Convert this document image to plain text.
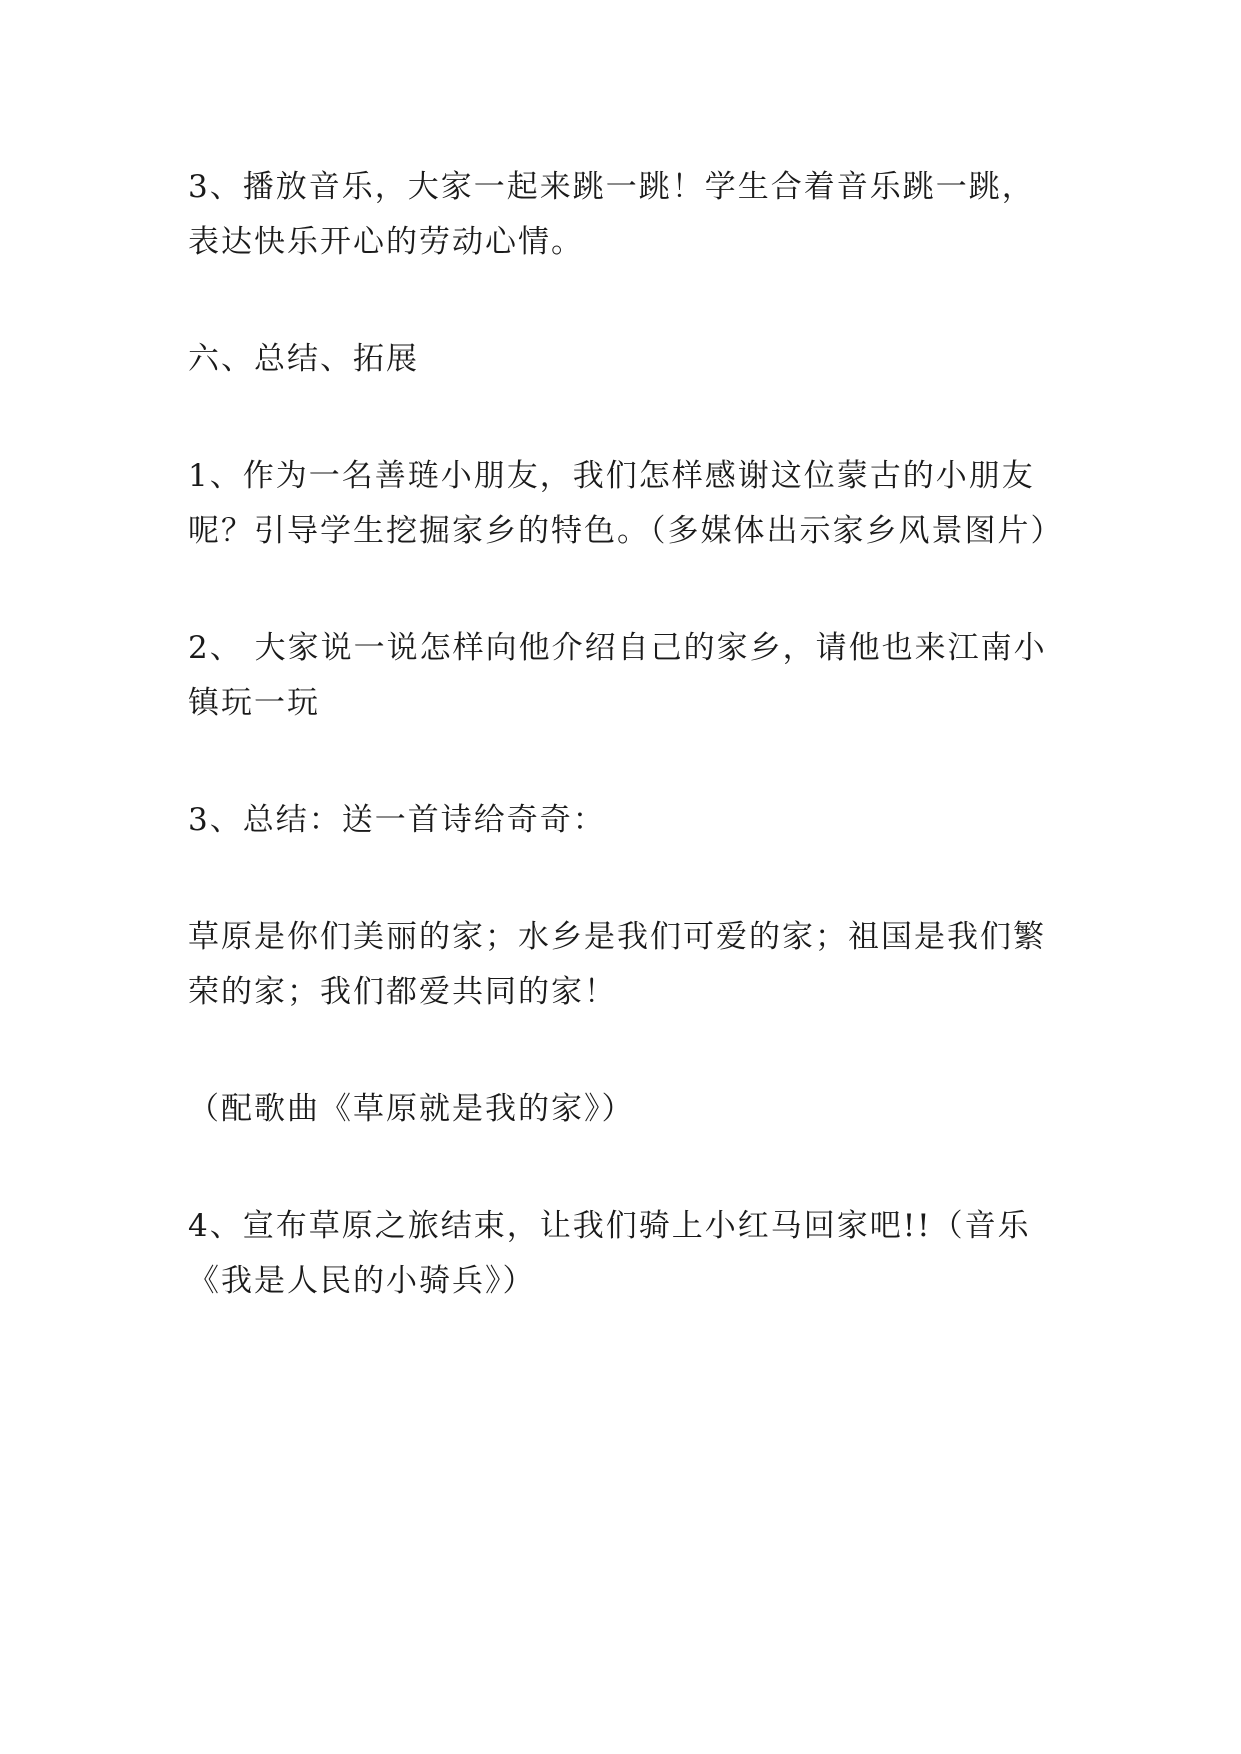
3、播放音乐，大家一起来跳一跳！学生合着音乐跳一跳，
表达快乐开心的劳动心情。

六、总结、拓展

1、作为一名善琏小朋友，我们怎样感谢这位蒙古的小朋友
呢？引导学生挖掘家乡的特色。（多媒体出示家乡风景图片）

2、 大家说一说怎样向他介绍自己的家乡，请他也来江南小
镇玩一玩

3、总结：送一首诗给奇奇：

草原是你们美丽的家；水乡是我们可爱的家；祖国是我们繁
荣的家；我们都爱共同的家！

（配歌曲《草原就是我的家》）

4、宣布草原之旅结束，让我们骑上小红马回家吧!!（音乐
《我是人民的小骑兵》）
